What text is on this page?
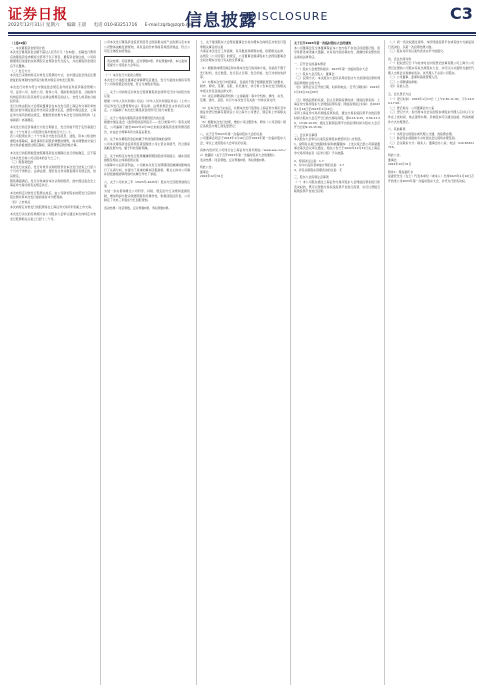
证券日报
2022年12月31日 星期六 编辑 王晨 电话 010-83251716 E-mail:zqrb@zqrb.net
信息披露
DISCLOSURE	C3

（上接C2版）

一、本次募集资金使用计划

本次发行募集资金总额不超过人民币万元（含本数），扣除发行费用后的募集资金净额将全部用于以下项目，募集资金到位前，公司将根据项目进度的实际情况以自筹资金先行投入，并在募集资金到位后予以置换。

（二）发行方式

本次发行采取向特定对象发行股票的方式，在中国证监会同意注册批复的有效期内选择适当时机向特定对象发行股票。

本次发行对象为符合中国证监会规定条件的证券投资基金管理公司、证券公司、信托公司、财务公司、保险机构投资者、合格境外机构投资者以及其他符合法律法规规定的法人、自然人或其他合格投资者。

发行对象由股东大会授权董事会在本次发行经上海证券交易所审核通过并经中国证监会作出同意注册决定后，按照中国证监会、上海证券交易所的相关规定，根据竞价结果与本次发行的保荐机构（主承销商）协商确定。

本次发行的定价基准日为发行期首日，发行价格不低于定价基准日前二十个交易日公司股票交易均价的百分之八十。

若公司股票在该二十个交易日内发生因派息、送股、资本公积金转增股本等除权、除息事项引起股价调整的情形，则对调整前交易日的交易价格按经过相应除权、除息调整后的价格计算。

本次发行的股票数量按照募集资金总额除以发行价格确定，且不超过本次发行前公司总股本的百分之三十。

（三）限售期安排

本次发行完成后，发行对象所认购的股份自本次发行结束之日起六个月内不得转让。法律法规、规范性文件对限售期另有规定的，依其规定。

限售期届满后，发行对象减持本次认购的股份，按中国证监会及上海证券交易所的有关规定执行。

本次向特定对象发行股票完成后，由公司新老股东按照发行后的持股比例共享本次发行前的滚存未分配利润。

（四）上市地点

本次向特定对象发行的股票将在上海证券交易所科创板上市交易。

本次发行决议的有效期为自公司股东大会审议通过本次向特定对象发行股票相关议案之日起十二个月。

公司本次发行募集资金投资项目符合国家相关的产业政策以及未来公司整体战略发展规划，具有良好的市场前景和经济效益，符合公司及全体股东的利益。

表决结果：同意票数，反对票数0票，弃权票数0票。本议案尚需提交公司股东大会审议。

（一）本次发行方案的合理性

本次发行方案经过董事会审慎研究后通过，发行方案的实施将有利于公司持续稳定的发展，符合全体股东利益。

二、关于公司向特定对象发行股票募集资金使用可行性分析报告的议案

根据《中华人民共和国公司法》《中华人民共和国证券法》《上市公司证券发行注册管理办法》等法律、法规和规范性文件的有关规定，公司编制了本次发行募集资金使用可行性分析报告。

三、关于公司前次募集资金使用情况报告的议案

根据中国证监会《监管规则适用指引——发行类第7号》等有关规定，公司编制了截至2022年9月30日的前次募集资金使用情况报告，并由会计师事务所出具鉴证报告。

四、关于本次募集资金投向属于科技创新领域的说明

公司本次募集资金投资项目紧密围绕公司主营业务展开，符合国家战略发展方向，属于科技创新领域。

五、关于向特定对象发行股票摊薄即期回报的风险提示、填补回报措施及相关主体承诺的议案

为保障中小投资者利益，公司就本次发行对即期回报摊薄的影响进行了认真分析，并提出了具体的填补回报措施，相关主体对公司填补回报措施能够得到切实履行作出了承诺。

六、关于公司未来三年（2023年-2025年）股东分红回报规划的议案

为进一步完善和健全公司科学、持续、稳定的分红决策和监督机制，增加利润分配决策透明度和可操作性，积极回报投资者，公司制定了未来三年股东分红回报规划。

表决结果：同意票数，反对票数0票，弃权票数0票。

七、关于提请股东大会授权董事会全权办理本次向特定对象发行股票相关事宜的议案

为保证本次发行工作高效、有序推进和顺利实施，依照相关法律、法规及《公司章程》的规定，公司董事会提请股东大会授权董事会全权办理本次发行有关的全部事宜。

（1）根据具体情况制定和实施本次发行的具体方案，包括但不限于发行时机、发行数量、发行起止日期、发行价格、发行对象的选择等；

（2）办理本次发行申报事宜，包括但不限于根据监管部门的要求，制作、修改、签署、呈报、补充递交、执行和公告本次发行的相关申报文件及其他法律文件；

（3）决定并聘请保荐机构（主承销商）等中介机构，修改、补充、签署、递交、呈报、执行与本次发行有关的一切协议和文件；

（4）在本次发行完成后，办理本次发行股票在上海证券交易所及中国证券登记结算有限责任公司上海分公司登记、锁定和上市等相关事宜；

（5）根据本次发行结果，增加公司注册资本、修改《公司章程》相应条款及办理工商变更登记；

八、关于召开2023年第一次临时股东大会的议案

公司董事会同意于2023年1月16日召开2023年第一次临时股东大会，审议上述需股东大会审议的议案。

具体内容详见公司同日在上海证券交易所网站（www.sse.com.cn）披露的《关于召开2023年第一次临时股东大会的通知》。

表决结果：同意票数，反对票数0票，弃权票数0票。

特此公告。

董事会

2022年12月31日

关于召开2023年第一次临时股东大会的通知

本公司董事会及全体董事保证本公告内容不存在任何虚假记载、误导性陈述或者重大遗漏，并对其内容的真实性、准确性和完整性依法承担法律责任。

一、召开会议的基本情况

（一）股东大会类型和届次：2023年第一次临时股东大会

（二）股东大会召集人：董事会

（三）投票方式：本次股东大会所采用的表决方式是现场投票和网络投票相结合的方式

（四）现场会议召开的日期、时间和地点：召开日期时间：2023年1月16日14点00分

（五）网络投票的系统、起止日期和投票时间：网络投票系统：上海证券交易所股东大会网络投票系统；网络投票起止时间：自2023年1月16日至2023年1月16日。

采用上海证券交易所网络投票系统，通过交易系统投票平台的投票时间为股东大会召开当日的交易时间段，即9:15-9:25，9:30-11:30，13:00-15:00；通过互联网投票平台的投票时间为股东大会召开当日的9:15-15:00。

二、会议审议事项

本次股东大会审议议案及投票股东类型详见公告附表。

1、说明各议案已披露的时间和披露媒体：上述议案已经公司第届董事会第次会议审议通过，相关公告已于2022年12月31日在上海证券交易所网站及《证券日报》予以披露。

2、特别决议议案：1-7

3、对中小投资者单独计票的议案：1-7

4、涉及关联股东回避表决的议案：无

三、股东大会投票注意事项

（一）本公司股东通过上海证券交易所股东大会网络投票系统行使表决权的，既可以登陆交易系统投票平台进行投票，也可以登陆互联网投票平台进行投票。

（二）同一表决权通过现场、本所网络投票平台或其他方式重复进行表决的，以第一次投票结果为准。

（三）股东对所有议案均表决完毕才能提交。

四、会议出席对象

（一）股权登记日下午收市时在中国登记结算有限公司上海分公司登记在册的公司股东有权出席股东大会，并可以以书面形式委托代理人出席会议和参加表决。该代理人不必是公司股东。

（二）公司董事、监事和高级管理人员。

（三）公司聘请的律师。

（四）其他人员。

五、会议登记方法

（一）登记时间：2023年1月13日（上午9:30-11:30，下午14:00-17:00）

（二）登记地点：公司董事会办公室

（三）登记方式：拟出席本次会议的股东或股东代理人应持以下文件在上述时间、地点现场办理。异地股东可以通过信函、传真或邮件方式办理登记。

六、其他事项

（一）出席会议的股东或代理人交通、食宿费自理。

（二）参会股东请提前半小时到达会议现场办理签到。

（三）会议联系方式：联系人：董事会办公室；电话：010-83251716。

特此公告。

董事会

2022年12月31日

附件1：授权委托书

兹委托先生（女士）代表本单位（或本人）出席2023年1月16日召开的贵公司2023年第一次临时股东大会，并代为行使表决权。
